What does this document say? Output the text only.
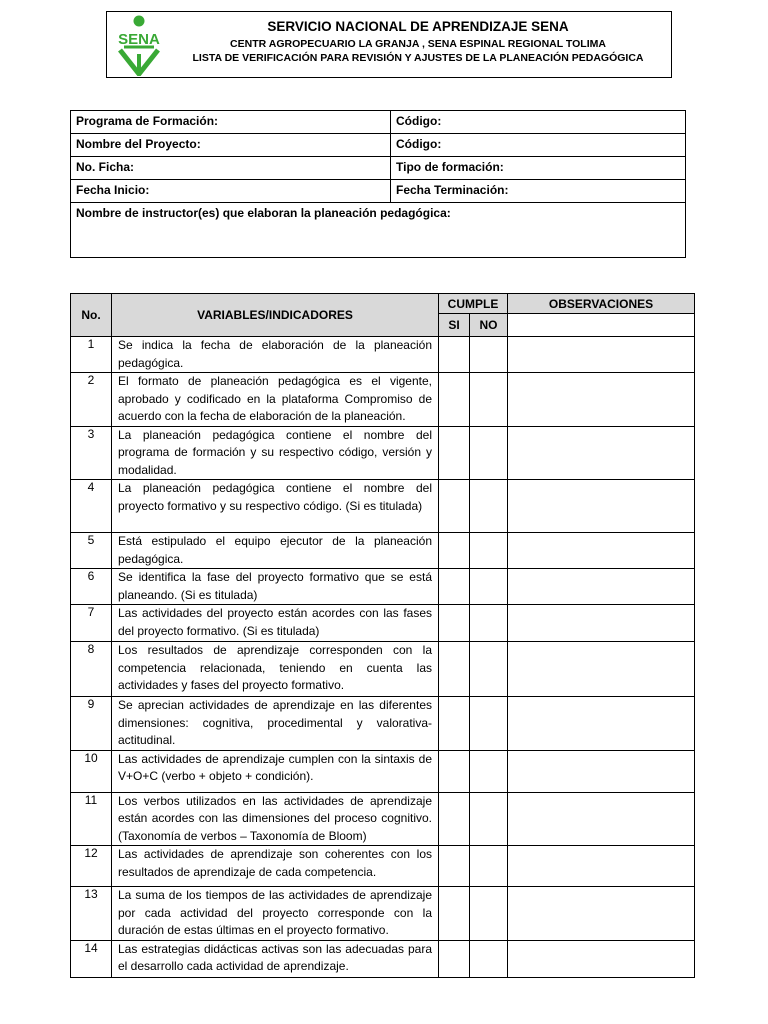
SENA
SERVICIO NACIONAL DE APRENDIZAJE SENA
CENTR AGROPECUARIO LA GRANJA , SENA ESPINAL REGIONAL TOLIMA
LISTA DE VERIFICACIÓN PARA REVISIÓN Y AJUSTES DE LA PLANEACIÓN PEDAGÓGICA
Programa de Formación:	Código:
Nombre del Proyecto:	Código:
No. Ficha:	Tipo de formación:
Fecha Inicio:	Fecha Terminación:
Nombre de instructor(es) que elaboran la planeación pedagógica:	
No.	VARIABLES/INDICADORES	CUMPLE		OBSERVACIONES
		SI	NO	
1	Se indica la fecha de elaboración de la planeación pedagógica.			
2	El formato de planeación pedagógica es el vigente, aprobado y codificado en la plataforma Compromiso de acuerdo con la fecha de elaboración de la planeación.			
3	La planeación pedagógica contiene el nombre del programa de formación y su respectivo código, versión y modalidad.			
4	La planeación pedagógica contiene el nombre del proyecto formativo y su respectivo código. (Si es titulada)			
5	Está estipulado el equipo ejecutor de la planeación pedagógica.			
6	Se identifica la fase del proyecto formativo que se está planeando. (Si es titulada)			
7	Las actividades del proyecto están acordes con las fases del proyecto formativo. (Si es titulada)			
8	Los resultados de aprendizaje corresponden con la competencia relacionada, teniendo en cuenta las actividades y fases del proyecto formativo.			
9	Se aprecian actividades de aprendizaje en las diferentes dimensiones: cognitiva, procedimental y valorativa-actitudinal.			
10	Las actividades de aprendizaje cumplen con la sintaxis de V+O+C (verbo + objeto + condición).			
11	Los verbos utilizados en las actividades de aprendizaje están acordes con las dimensiones del proceso cognitivo. (Taxonomía de verbos – Taxonomía de Bloom)			
12	Las actividades de aprendizaje son coherentes con los resultados de aprendizaje de cada competencia.			
13	La suma de los tiempos de las actividades de aprendizaje por cada actividad del proyecto corresponde con la duración de estas últimas en el proyecto formativo.			
14	Las estrategias didácticas activas son las adecuadas para el desarrollo cada actividad de aprendizaje.			
